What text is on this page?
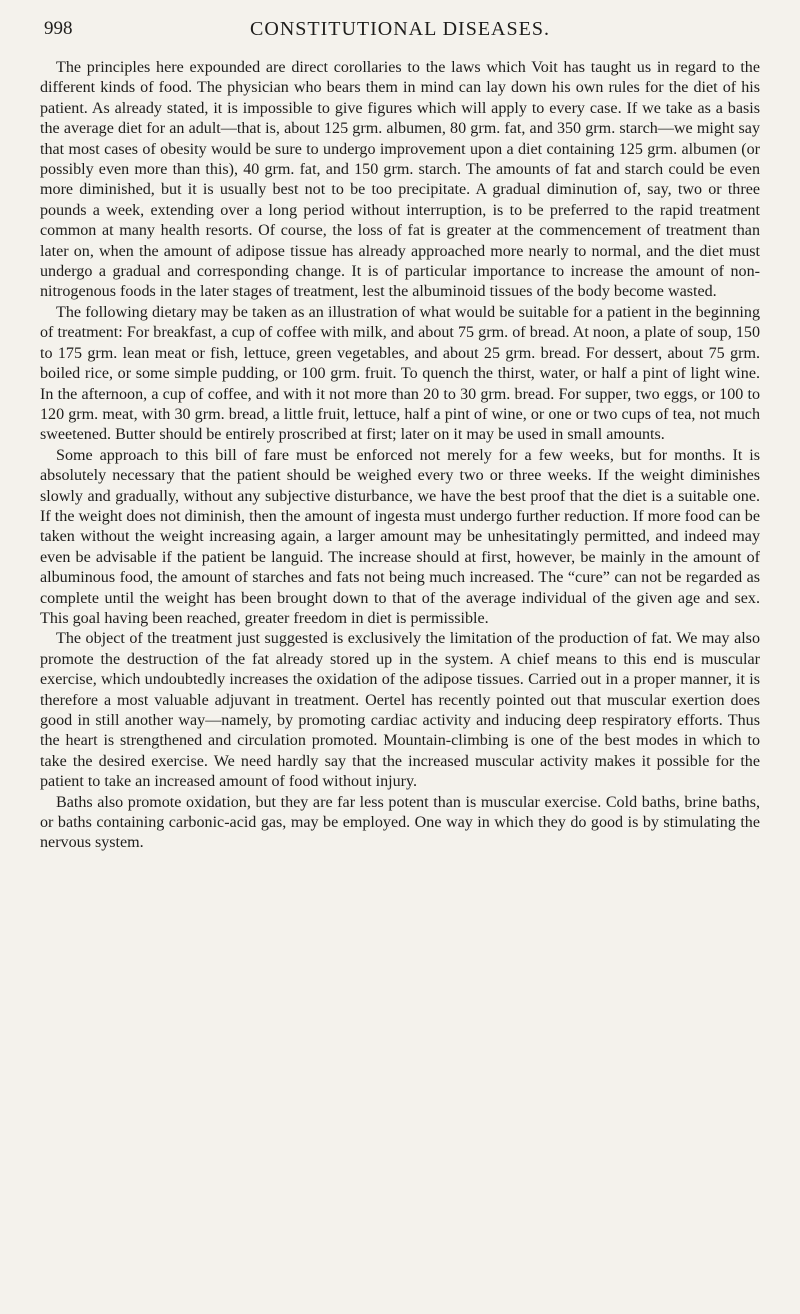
998	CONSTITUTIONAL DISEASES.

The principles here expounded are direct corollaries to the laws which Voit has taught us in regard to the different kinds of food. The physician who bears them in mind can lay down his own rules for the diet of his patient. As already stated, it is impossible to give figures which will apply to every case. If we take as a basis the average diet for an adult—that is, about 125 grm. albumen, 80 grm. fat, and 350 grm. starch—we might say that most cases of obesity would be sure to undergo improvement upon a diet containing 125 grm. albumen (or possibly even more than this), 40 grm. fat, and 150 grm. starch. The amounts of fat and starch could be even more diminished, but it is usually best not to be too precipitate. A gradual diminution of, say, two or three pounds a week, extending over a long period without interruption, is to be preferred to the rapid treatment common at many health resorts. Of course, the loss of fat is greater at the commencement of treatment than later on, when the amount of adipose tissue has already approached more nearly to normal, and the diet must undergo a gradual and corresponding change. It is of particular importance to increase the amount of non-nitrogenous foods in the later stages of treatment, lest the albuminoid tissues of the body become wasted.

The following dietary may be taken as an illustration of what would be suitable for a patient in the beginning of treatment: For breakfast, a cup of coffee with milk, and about 75 grm. of bread. At noon, a plate of soup, 150 to 175 grm. lean meat or fish, lettuce, green vegetables, and about 25 grm. bread. For dessert, about 75 grm. boiled rice, or some simple pudding, or 100 grm. fruit. To quench the thirst, water, or half a pint of light wine. In the afternoon, a cup of coffee, and with it not more than 20 to 30 grm. bread. For supper, two eggs, or 100 to 120 grm. meat, with 30 grm. bread, a little fruit, lettuce, half a pint of wine, or one or two cups of tea, not much sweetened. Butter should be entirely proscribed at first; later on it may be used in small amounts.

Some approach to this bill of fare must be enforced not merely for a few weeks, but for months. It is absolutely necessary that the patient should be weighed every two or three weeks. If the weight diminishes slowly and gradually, without any subjective disturbance, we have the best proof that the diet is a suitable one. If the weight does not diminish, then the amount of ingesta must undergo further reduction. If more food can be taken without the weight increasing again, a larger amount may be unhesitatingly permitted, and indeed may even be advisable if the patient be languid. The increase should at first, however, be mainly in the amount of albuminous food, the amount of starches and fats not being much increased. The “cure” can not be regarded as complete until the weight has been brought down to that of the average individual of the given age and sex. This goal having been reached, greater freedom in diet is permissible.

The object of the treatment just suggested is exclusively the limitation of the production of fat. We may also promote the destruction of the fat already stored up in the system. A chief means to this end is muscular exercise, which undoubtedly increases the oxidation of the adipose tissues. Carried out in a proper manner, it is therefore a most valuable adjuvant in treatment. Oertel has recently pointed out that muscular exertion does good in still another way—namely, by promoting cardiac activity and inducing deep respiratory efforts. Thus the heart is strengthened and circulation promoted. Mountain-climbing is one of the best modes in which to take the desired exercise. We need hardly say that the increased muscular activity makes it possible for the patient to take an increased amount of food without injury.

Baths also promote oxidation, but they are far less potent than is muscular exercise. Cold baths, brine baths, or baths containing carbonic-acid gas, may be employed. One way in which they do good is by stimulating the nervous system.
